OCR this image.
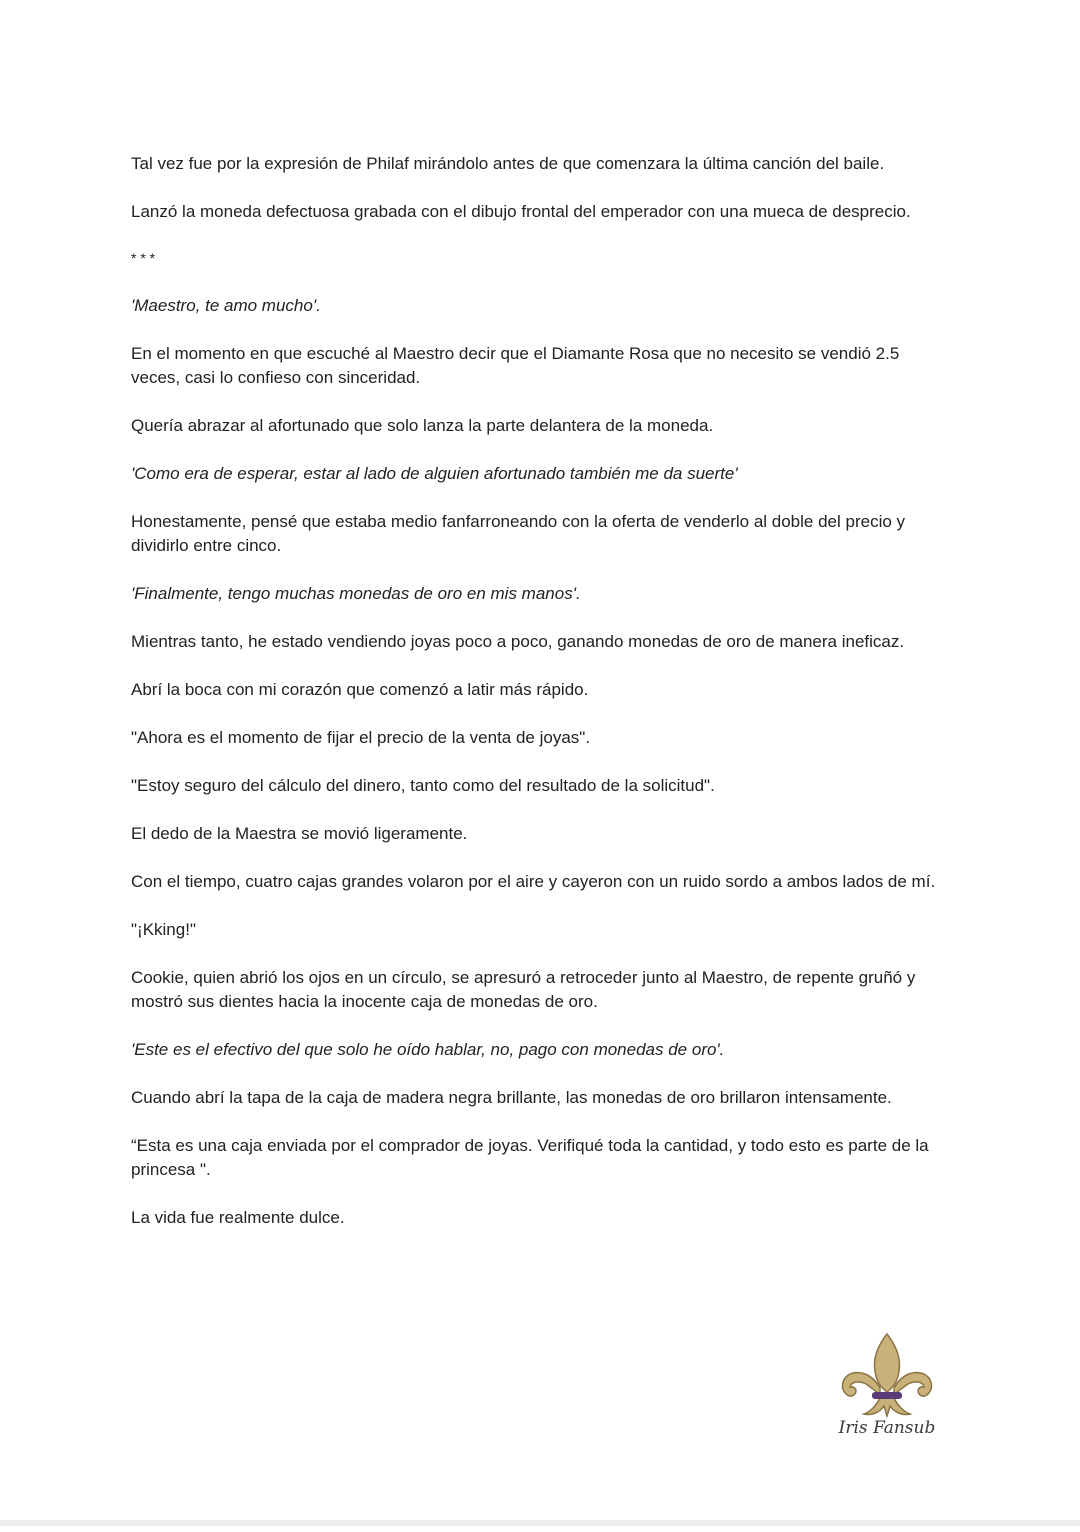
Tal vez fue por la expresión de Philaf mirándolo antes de que comenzara la última canción del baile.

Lanzó la moneda defectuosa grabada con el dibujo frontal del emperador con una mueca de desprecio.

* * *

'Maestro, te amo mucho'.

En el momento en que escuché al Maestro decir que el Diamante Rosa que no necesito se vendió 2.5 veces, casi lo confieso con sinceridad.

Quería abrazar al afortunado que solo lanza la parte delantera de la moneda.

'Como era de esperar, estar al lado de alguien afortunado también me da suerte'

Honestamente, pensé que estaba medio fanfarroneando con la oferta de venderlo al doble del precio y dividirlo entre cinco.

'Finalmente, tengo muchas monedas de oro en mis manos'.

Mientras tanto, he estado vendiendo joyas poco a poco, ganando monedas de oro de manera ineficaz.

Abrí la boca con mi corazón que comenzó a latir más rápido.

"Ahora es el momento de fijar el precio de la venta de joyas".

"Estoy seguro del cálculo del dinero, tanto como del resultado de la solicitud".

El dedo de la Maestra se movió ligeramente.

Con el tiempo, cuatro cajas grandes volaron por el aire y cayeron con un ruido sordo a ambos lados de mí.

"¡Kking!"

Cookie, quien abrió los ojos en un círculo, se apresuró a retroceder junto al Maestro, de repente gruñó y mostró sus dientes hacia la inocente caja de monedas de oro.

'Este es el efectivo del que solo he oído hablar, no, pago con monedas de oro'.

Cuando abrí la tapa de la caja de madera negra brillante, las monedas de oro brillaron intensamente.

“Esta es una caja enviada por el comprador de joyas. Verifiqué toda la cantidad, y todo esto es parte de la princesa ".

La vida fue realmente dulce.

Iris Fansub
